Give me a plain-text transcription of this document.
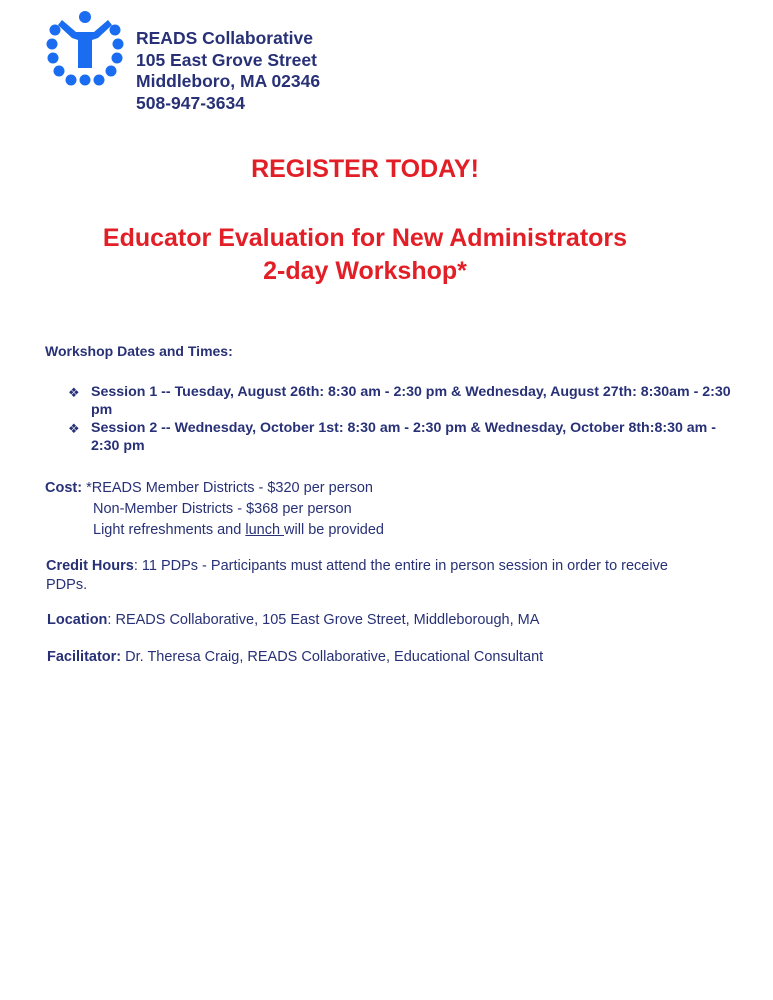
READS Collaborative
105 East Grove Street
Middleboro, MA 02346
508-947-3634
REGISTER TODAY!
Educator Evaluation for New Administrators
2-day Workshop*
Workshop Dates and Times:
❖ Session 1 -- Tuesday, August 26th: 8:30 am - 2:30 pm & Wednesday, August 27th: 8:30am - 2:30 pm
❖ Session 2 -- Wednesday, October 1st: 8:30 am - 2:30 pm & Wednesday, October 8th:8:30 am - 2:30 pm
Cost: *READS Member Districts - $320 per person
Non-Member Districts - $368 per person
Light refreshments and lunch will be provided
Credit Hours: 11 PDPs - Participants must attend the entire in person session in order to receive PDPs.
Location: READS Collaborative, 105 East Grove Street, Middleborough, MA
Facilitator: Dr. Theresa Craig, READS Collaborative, Educational Consultant
